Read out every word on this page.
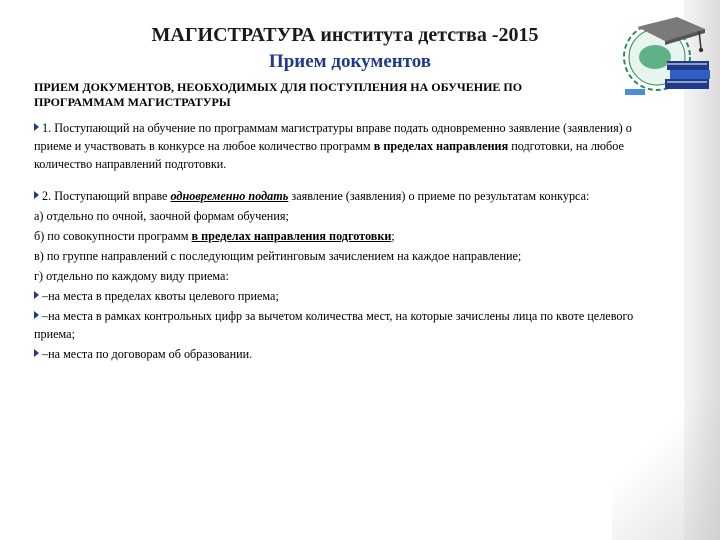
МАГИСТРАТУРА института детства -2015
Прием документов
ПРИЕМ ДОКУМЕНТОВ, НЕОБХОДИМЫХ ДЛЯ ПОСТУПЛЕНИЯ НА ОБУЧЕНИЕ ПО
ПРОГРАММАМ МАГИСТРАТУРЫ

1. Поступающий на обучение по программам магистратуры вправе подать одновременно заявление (заявления) о приеме и участвовать в конкурсе на любое количество программ в пределах направления подготовки, на любое количество направлений подготовки.

2. Поступающий вправе одновременно подать заявление (заявления) о приеме по результатам конкурса:

а) отдельно по очной, заочной формам обучения;

б) по совокупности программ в пределах направления подготовки;

в) по группе направлений с последующим рейтинговым зачислением на каждое направление;

г) отдельно по каждому виду приема:

–на места в пределах квоты целевого приема;

–на места в рамках контрольных цифр за вычетом количества мест, на которые зачислены лица по квоте целевого приема;

–на места по договорам об образовании.
